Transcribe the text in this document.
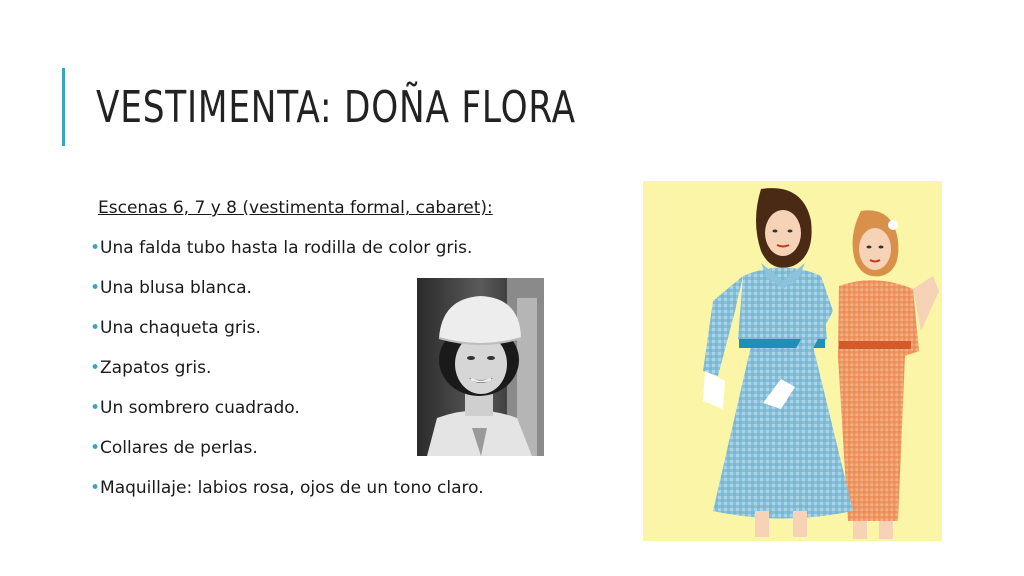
VESTIMENTA: DOÑA FLORA
Escenas 6, 7 y 8 (vestimenta formal, cabaret):
•Una falda tubo hasta la rodilla de color gris.
•Una blusa blanca.
•Una chaqueta gris.
•Zapatos gris.
•Un sombrero cuadrado.
•Collares de perlas.
•Maquillaje: labios rosa, ojos de un tono claro.
